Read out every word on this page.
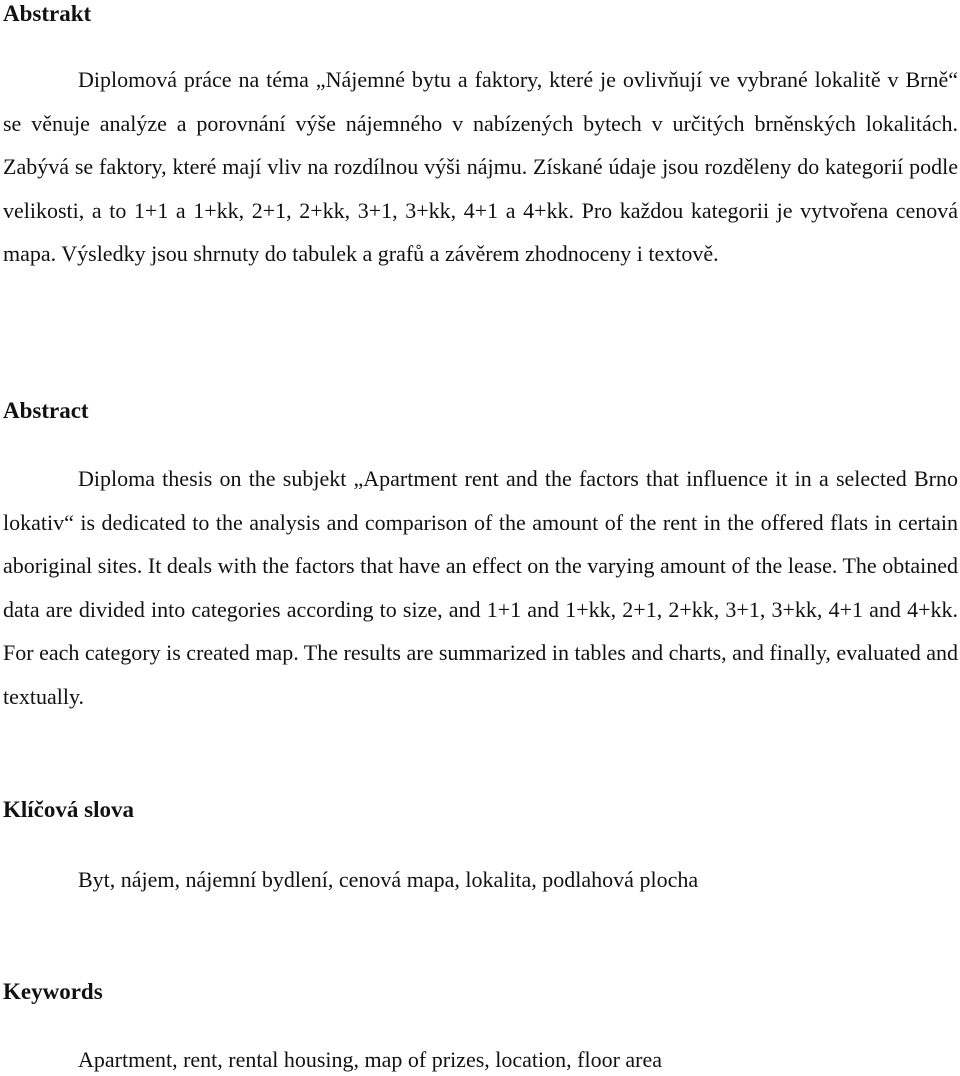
Abstrakt

Diplomová práce na téma „Nájemné bytu a faktory, které je ovlivňují ve vybrané lokalitě v Brně“ se věnuje analýze a porovnání výše nájemného v nabízených bytech v určitých brněnských lokalitách. Zabývá se faktory, které mají vliv na rozdílnou výši nájmu. Získané údaje jsou rozděleny do kategorií podle velikosti, a to 1+1 a 1+kk, 2+1, 2+kk, 3+1, 3+kk, 4+1 a 4+kk. Pro každou kategorii je vytvořena cenová mapa. Výsledky jsou shrnuty do tabulek a grafů a závěrem zhodnoceny i textově.

Abstract

Diploma thesis on the subjekt „Apartment rent and the factors that influence it in a selected Brno lokativ“ is dedicated to the analysis and comparison of the amount of the rent in the offered flats in certain aboriginal sites. It deals with the factors that have an effect on the varying amount of the lease. The obtained data are divided into categories according to size, and 1+1 and 1+kk, 2+1, 2+kk, 3+1, 3+kk, 4+1 and 4+kk. For each category is created map. The results are summarized in tables and charts, and finally, evaluated and textually.

Klíčová slova

Byt, nájem, nájemní bydlení, cenová mapa, lokalita, podlahová plocha

Keywords

Apartment, rent, rental housing, map of prizes, location, floor area
